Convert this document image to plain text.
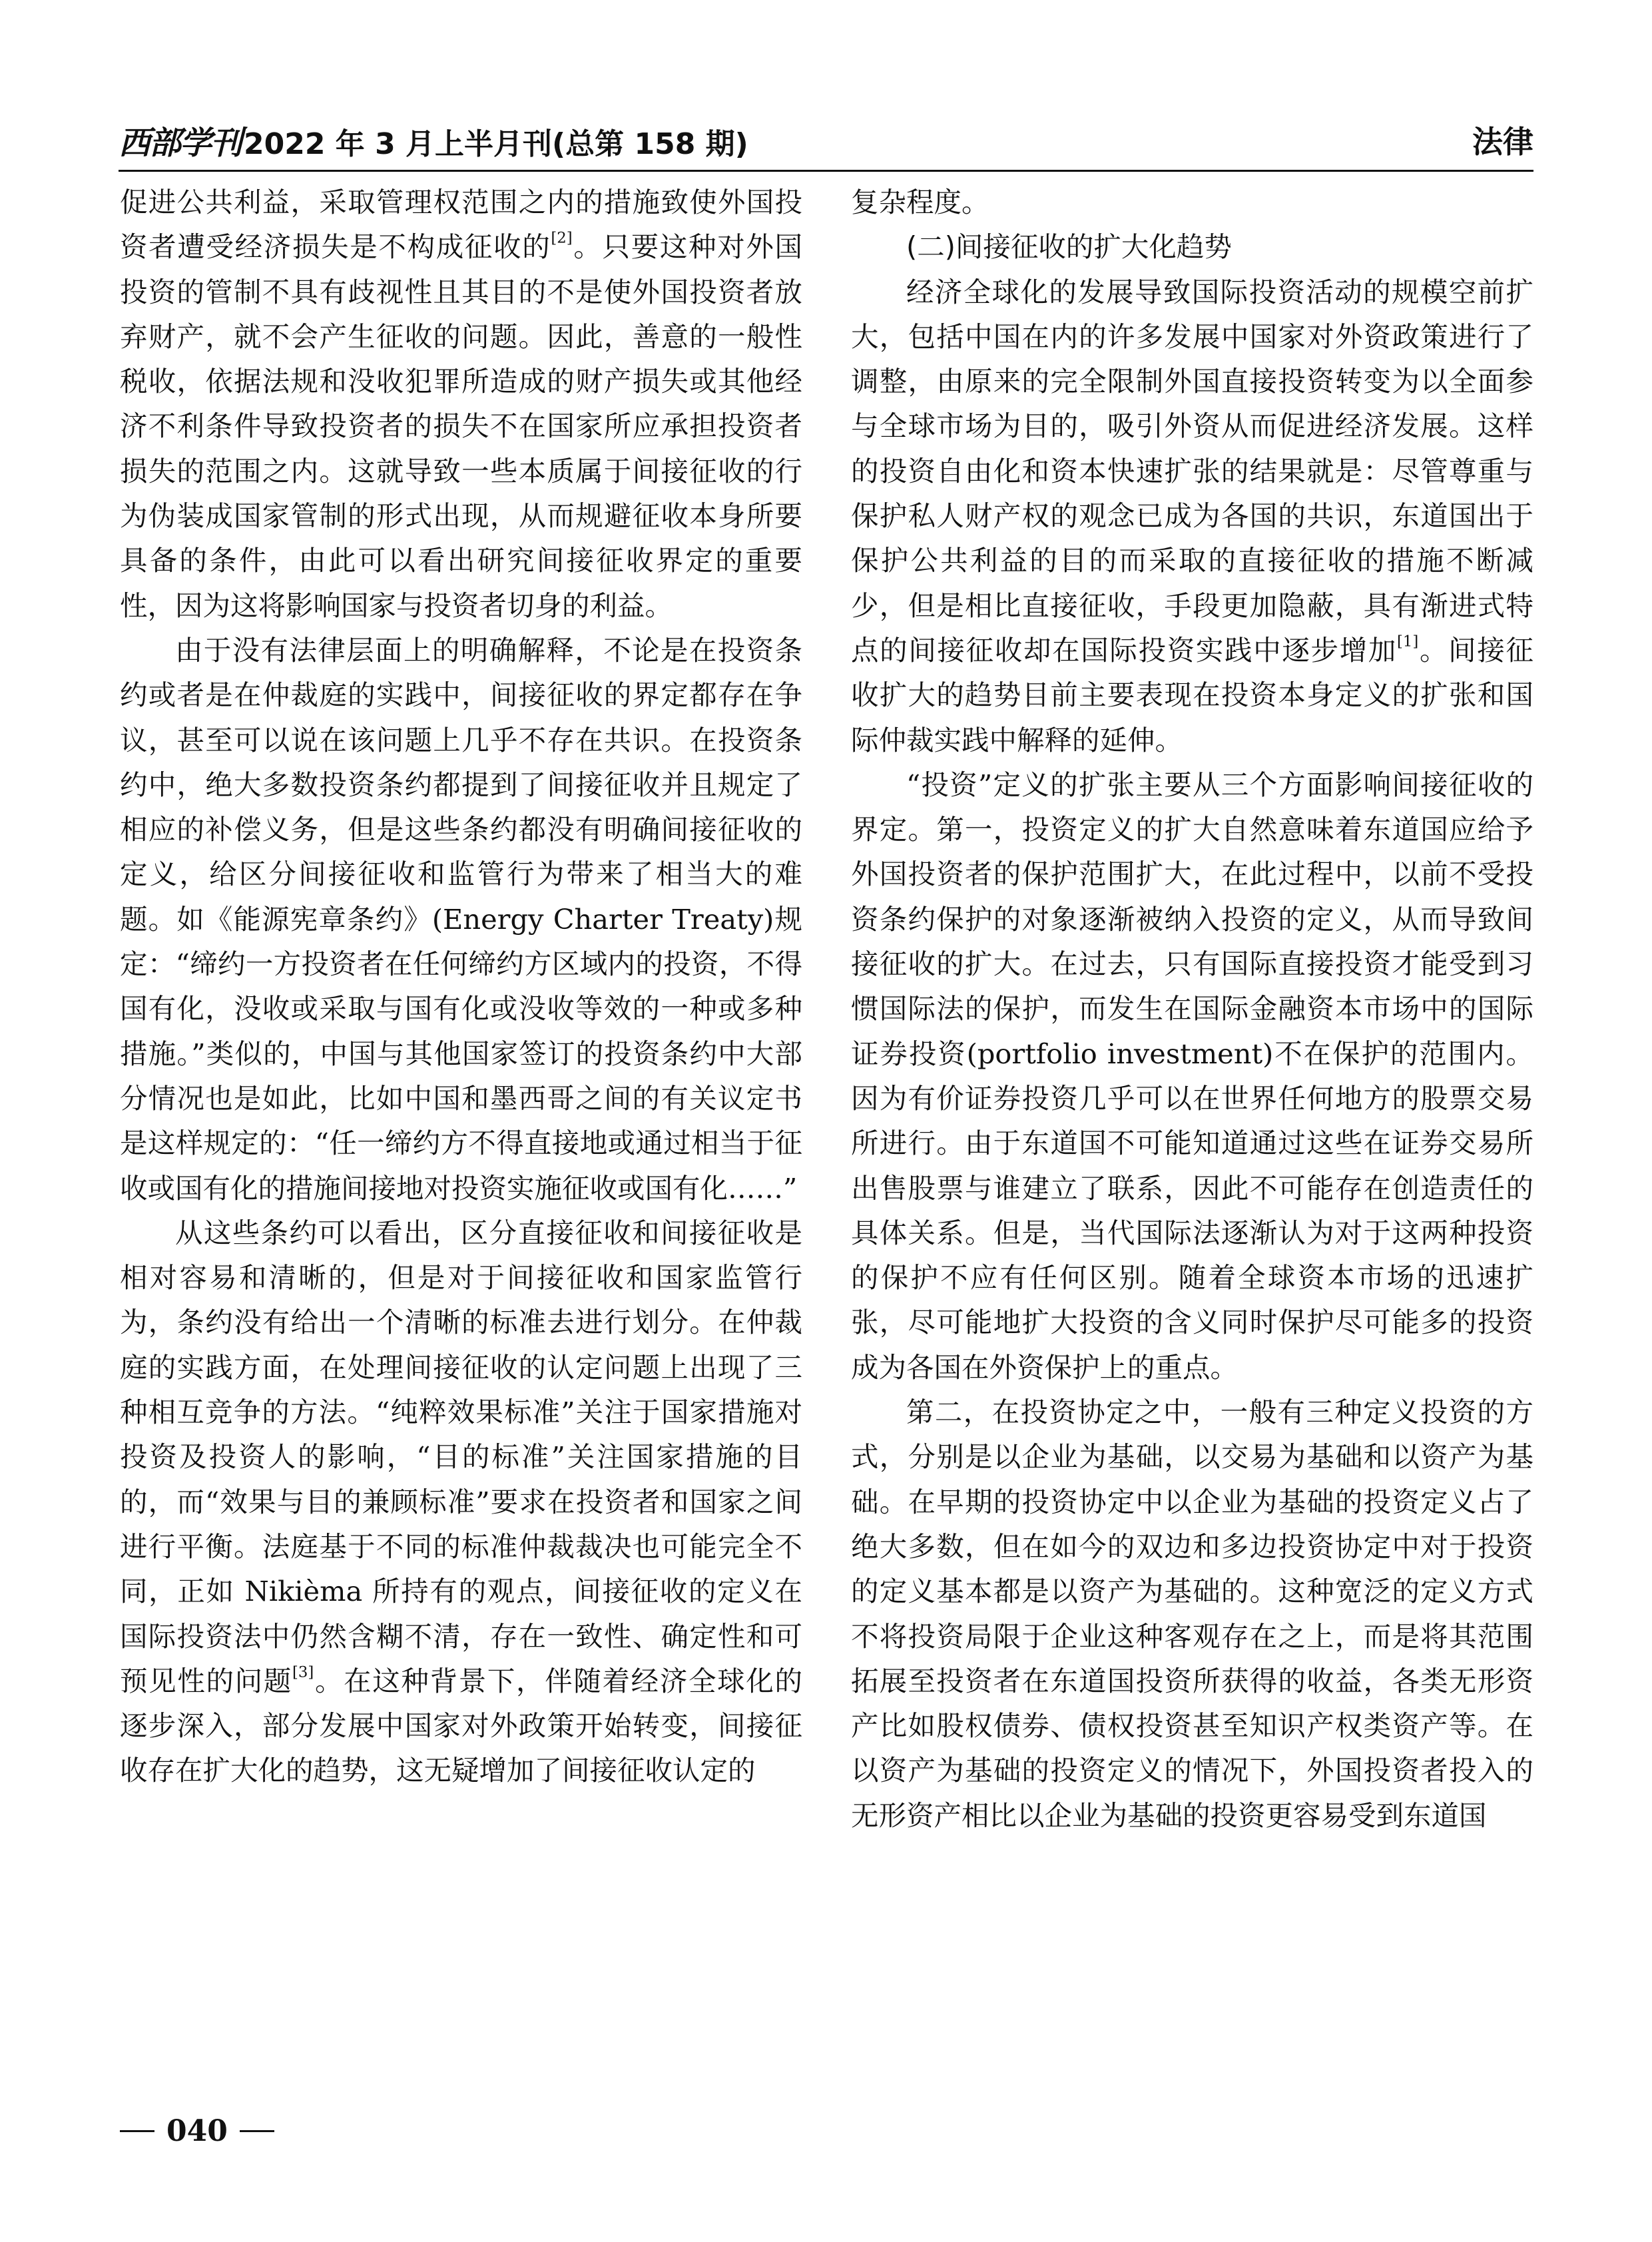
西部学刊 2022 年 3 月上半月刊(总第 158 期)	法律

促进公共利益，采取管理权范围之内的措施致使外国投资者遭受经济损失是不构成征收的[2]。只要这种对外国投资的管制不具有歧视性且其目的不是使外国投资者放弃财产，就不会产生征收的问题。因此，善意的一般性税收，依据法规和没收犯罪所造成的财产损失或其他经济不利条件导致投资者的损失不在国家所应承担投资者损失的范围之内。这就导致一些本质属于间接征收的行为伪装成国家管制的形式出现，从而规避征收本身所要具备的条件，由此可以看出研究间接征收界定的重要性，因为这将影响国家与投资者切身的利益。

由于没有法律层面上的明确解释，不论是在投资条约或者是在仲裁庭的实践中，间接征收的界定都存在争议，甚至可以说在该问题上几乎不存在共识。在投资条约中，绝大多数投资条约都提到了间接征收并且规定了相应的补偿义务，但是这些条约都没有明确间接征收的定义，给区分间接征收和监管行为带来了相当大的难题。如《能源宪章条约》(Energy Charter Treaty)规定：“缔约一方投资者在任何缔约方区域内的投资，不得国有化，没收或采取与国有化或没收等效的一种或多种措施。”类似的，中国与其他国家签订的投资条约中大部分情况也是如此，比如中国和墨西哥之间的有关议定书是这样规定的：“任一缔约方不得直接地或通过相当于征收或国有化的措施间接地对投资实施征收或国有化……”

从这些条约可以看出，区分直接征收和间接征收是相对容易和清晰的，但是对于间接征收和国家监管行为，条约没有给出一个清晰的标准去进行划分。在仲裁庭的实践方面，在处理间接征收的认定问题上出现了三种相互竞争的方法。“纯粹效果标准”关注于国家措施对投资及投资人的影响，“目的标准”关注国家措施的目的，而“效果与目的兼顾标准”要求在投资者和国家之间进行平衡。法庭基于不同的标准仲裁裁决也可能完全不同，正如 Nikièma 所持有的观点，间接征收的定义在国际投资法中仍然含糊不清，存在一致性、确定性和可预见性的问题[3]。在这种背景下，伴随着经济全球化的逐步深入，部分发展中国家对外政策开始转变，间接征收存在扩大化的趋势，这无疑增加了间接征收认定的

复杂程度。

(二)间接征收的扩大化趋势

经济全球化的发展导致国际投资活动的规模空前扩大，包括中国在内的许多发展中国家对外资政策进行了调整，由原来的完全限制外国直接投资转变为以全面参与全球市场为目的，吸引外资从而促进经济发展。这样的投资自由化和资本快速扩张的结果就是：尽管尊重与保护私人财产权的观念已成为各国的共识，东道国出于保护公共利益的目的而采取的直接征收的措施不断减少，但是相比直接征收，手段更加隐蔽，具有渐进式特点的间接征收却在国际投资实践中逐步增加[1]。间接征收扩大的趋势目前主要表现在投资本身定义的扩张和国际仲裁实践中解释的延伸。

“投资”定义的扩张主要从三个方面影响间接征收的界定。第一，投资定义的扩大自然意味着东道国应给予外国投资者的保护范围扩大，在此过程中，以前不受投资条约保护的对象逐渐被纳入投资的定义，从而导致间接征收的扩大。在过去，只有国际直接投资才能受到习惯国际法的保护，而发生在国际金融资本市场中的国际证券投资(portfolio investment)不在保护的范围内。因为有价证券投资几乎可以在世界任何地方的股票交易所进行。由于东道国不可能知道通过这些在证券交易所出售股票与谁建立了联系，因此不可能存在创造责任的具体关系。但是，当代国际法逐渐认为对于这两种投资的保护不应有任何区别。随着全球资本市场的迅速扩张，尽可能地扩大投资的含义同时保护尽可能多的投资成为各国在外资保护上的重点。

第二，在投资协定之中，一般有三种定义投资的方式，分别是以企业为基础，以交易为基础和以资产为基础。在早期的投资协定中以企业为基础的投资定义占了绝大多数，但在如今的双边和多边投资协定中对于投资的定义基本都是以资产为基础的。这种宽泛的定义方式不将投资局限于企业这种客观存在之上，而是将其范围拓展至投资者在东道国投资所获得的收益，各类无形资产比如股权债券、债权投资甚至知识产权类资产等。在以资产为基础的投资定义的情况下，外国投资者投入的无形资产相比以企业为基础的投资更容易受到东道国

040
